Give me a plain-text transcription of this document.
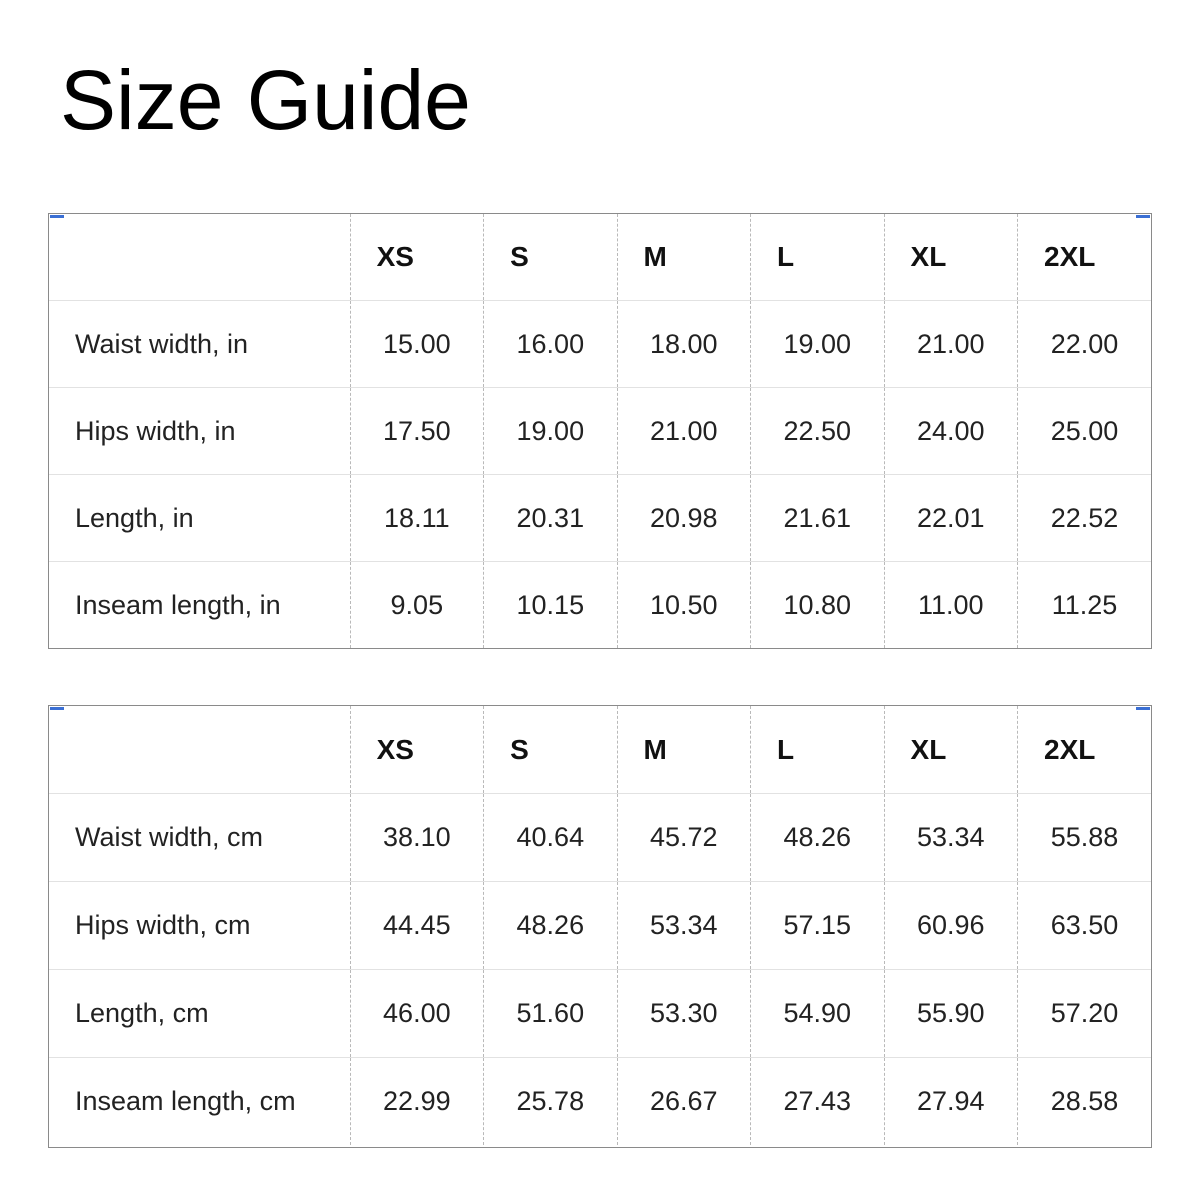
Size Guide
	XS	S	M	L	XL	2XL
Waist width, in	15.00	16.00	18.00	19.00	21.00	22.00
Hips width, in	17.50	19.00	21.00	22.50	24.00	25.00
Length, in	18.11	20.31	20.98	21.61	22.01	22.52
Inseam length, in	9.05	10.15	10.50	10.80	11.00	11.25
	XS	S	M	L	XL	2XL
Waist width, cm	38.10	40.64	45.72	48.26	53.34	55.88
Hips width, cm	44.45	48.26	53.34	57.15	60.96	63.50
Length, cm	46.00	51.60	53.30	54.90	55.90	57.20
Inseam length, cm	22.99	25.78	26.67	27.43	27.94	28.58
